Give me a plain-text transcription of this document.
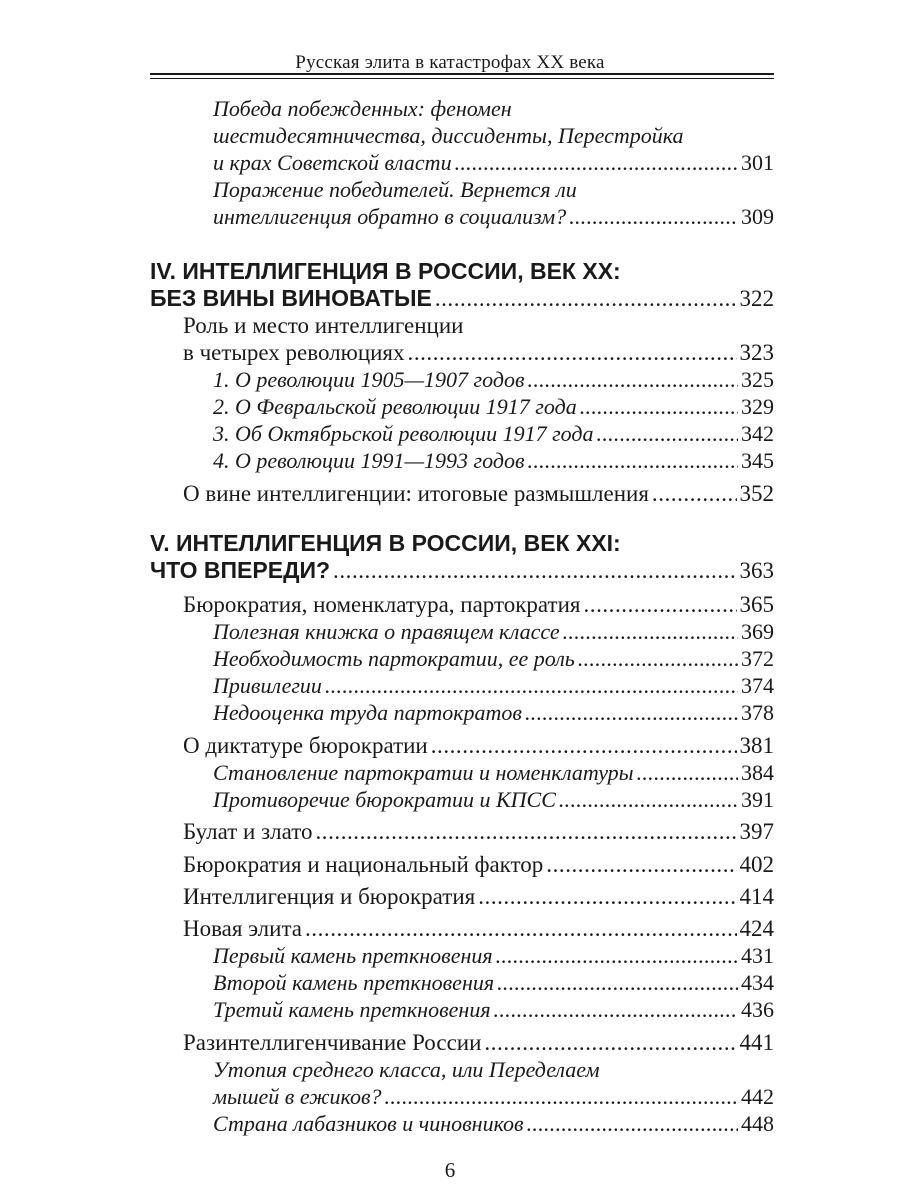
Русская элита в катастрофах XX века
Победа побежденных: феномен
шестидесятничества, диссиденты, Перестройка
и крах Советской власти . . .	301
Поражение победителей. Вернется ли
интеллигенция обратно в социализм? . . .	309
IV. ИНТЕЛЛИГЕНЦИЯ В РОССИИ, ВЕК XX:
БЕЗ ВИНЫ ВИНОВАТЫЕ . . .	322
Роль и место интеллигенции
в четырех революциях . . .	323
1. О революции 1905—1907 годов . . .	325
2. О Февральской революции 1917 года . . .	329
3. Об Октябрьской революции 1917 года . . .	342
4. О революции 1991—1993 годов . . .	345
О вине интеллигенции: итоговые размышления . . .	352
V. ИНТЕЛЛИГЕНЦИЯ В РОССИИ, ВЕК XXI:
ЧТО ВПЕРЕДИ? . . .	363
Бюрократия, номенклатура, партократия . . .	365
Полезная книжка о правящем классе . . .	369
Необходимость партократии, ее роль . . .	372
Привилегии . . .	374
Недооценка труда партократов . . .	378
О диктатуре бюрократии . . .	381
Становление партократии и номенклатуры . . .	384
Противоречие бюрократии и КПСС . . .	391
Булат и злато . . .	397
Бюрократия и национальный фактор . . .	402
Интеллигенция и бюрократия . . .	414
Новая элита . . .	424
Первый камень преткновения . . .	431
Второй камень преткновения . . .	434
Третий камень преткновения . . .	436
Разинтеллигенчивание России . . .	441
Утопия среднего класса, или Переделаем
мышей в ежиков? . . .	442
Страна лабазников и чиновников . . .	448
6
